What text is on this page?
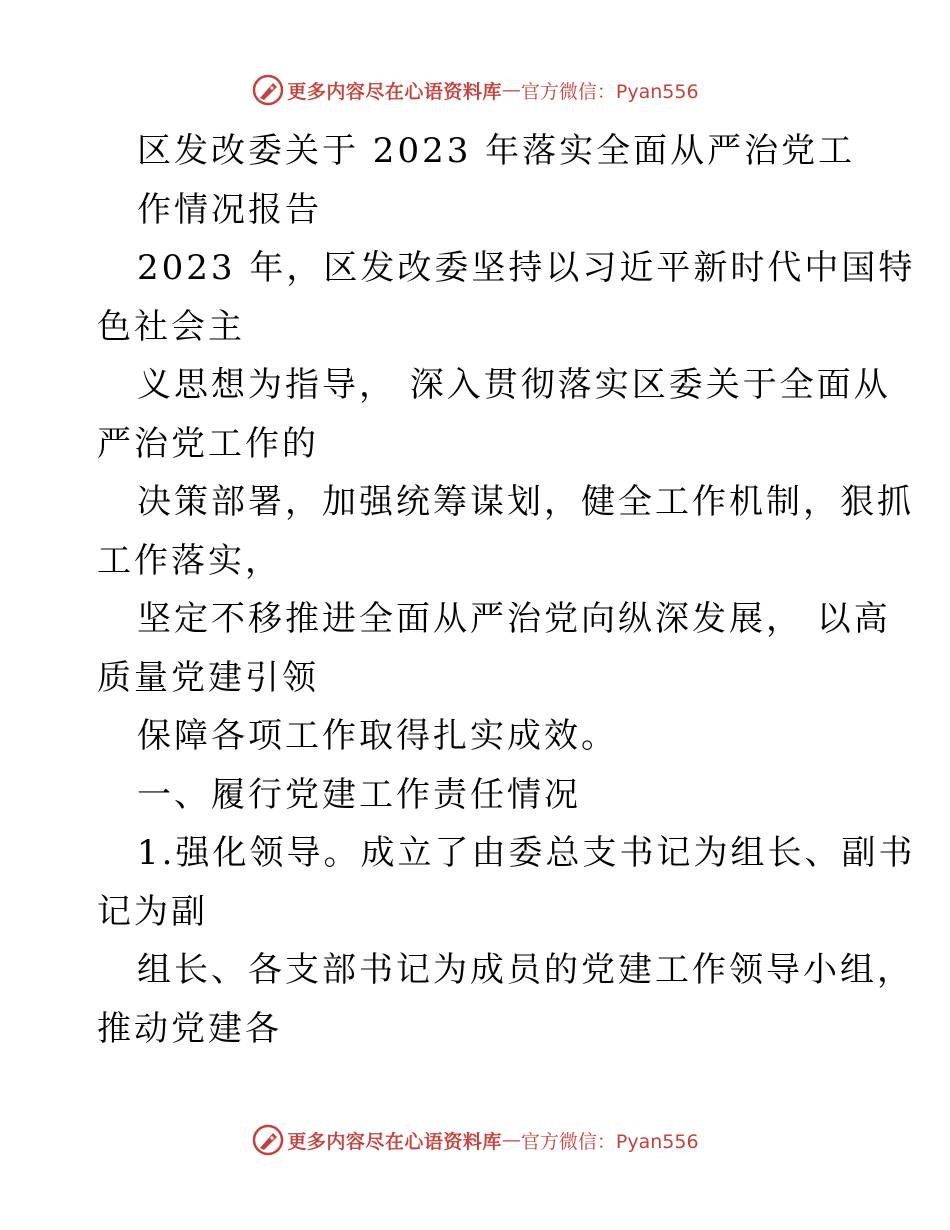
更多内容尽在心语资料库 — 官方微信：Pyan556
区发改委关于 2023 年落实全面从严治党工
作情况报告
2023 年，区发改委坚持以习近平新时代中国特
色社会主
义思想为指导， 深入贯彻落实区委关于全面从
严治党工作的
决策部署，加强统筹谋划，健全工作机制，狠抓
工作落实，
坚定不移推进全面从严治党向纵深发展， 以高
质量党建引领
保障各项工作取得扎实成效。
一、履行党建工作责任情况
1.强化领导。成立了由委总支书记为组长、副书
记为副
组长、各支部书记为成员的党建工作领导小组，
推动党建各
更多内容尽在心语资料库 — 官方微信：Pyan556
